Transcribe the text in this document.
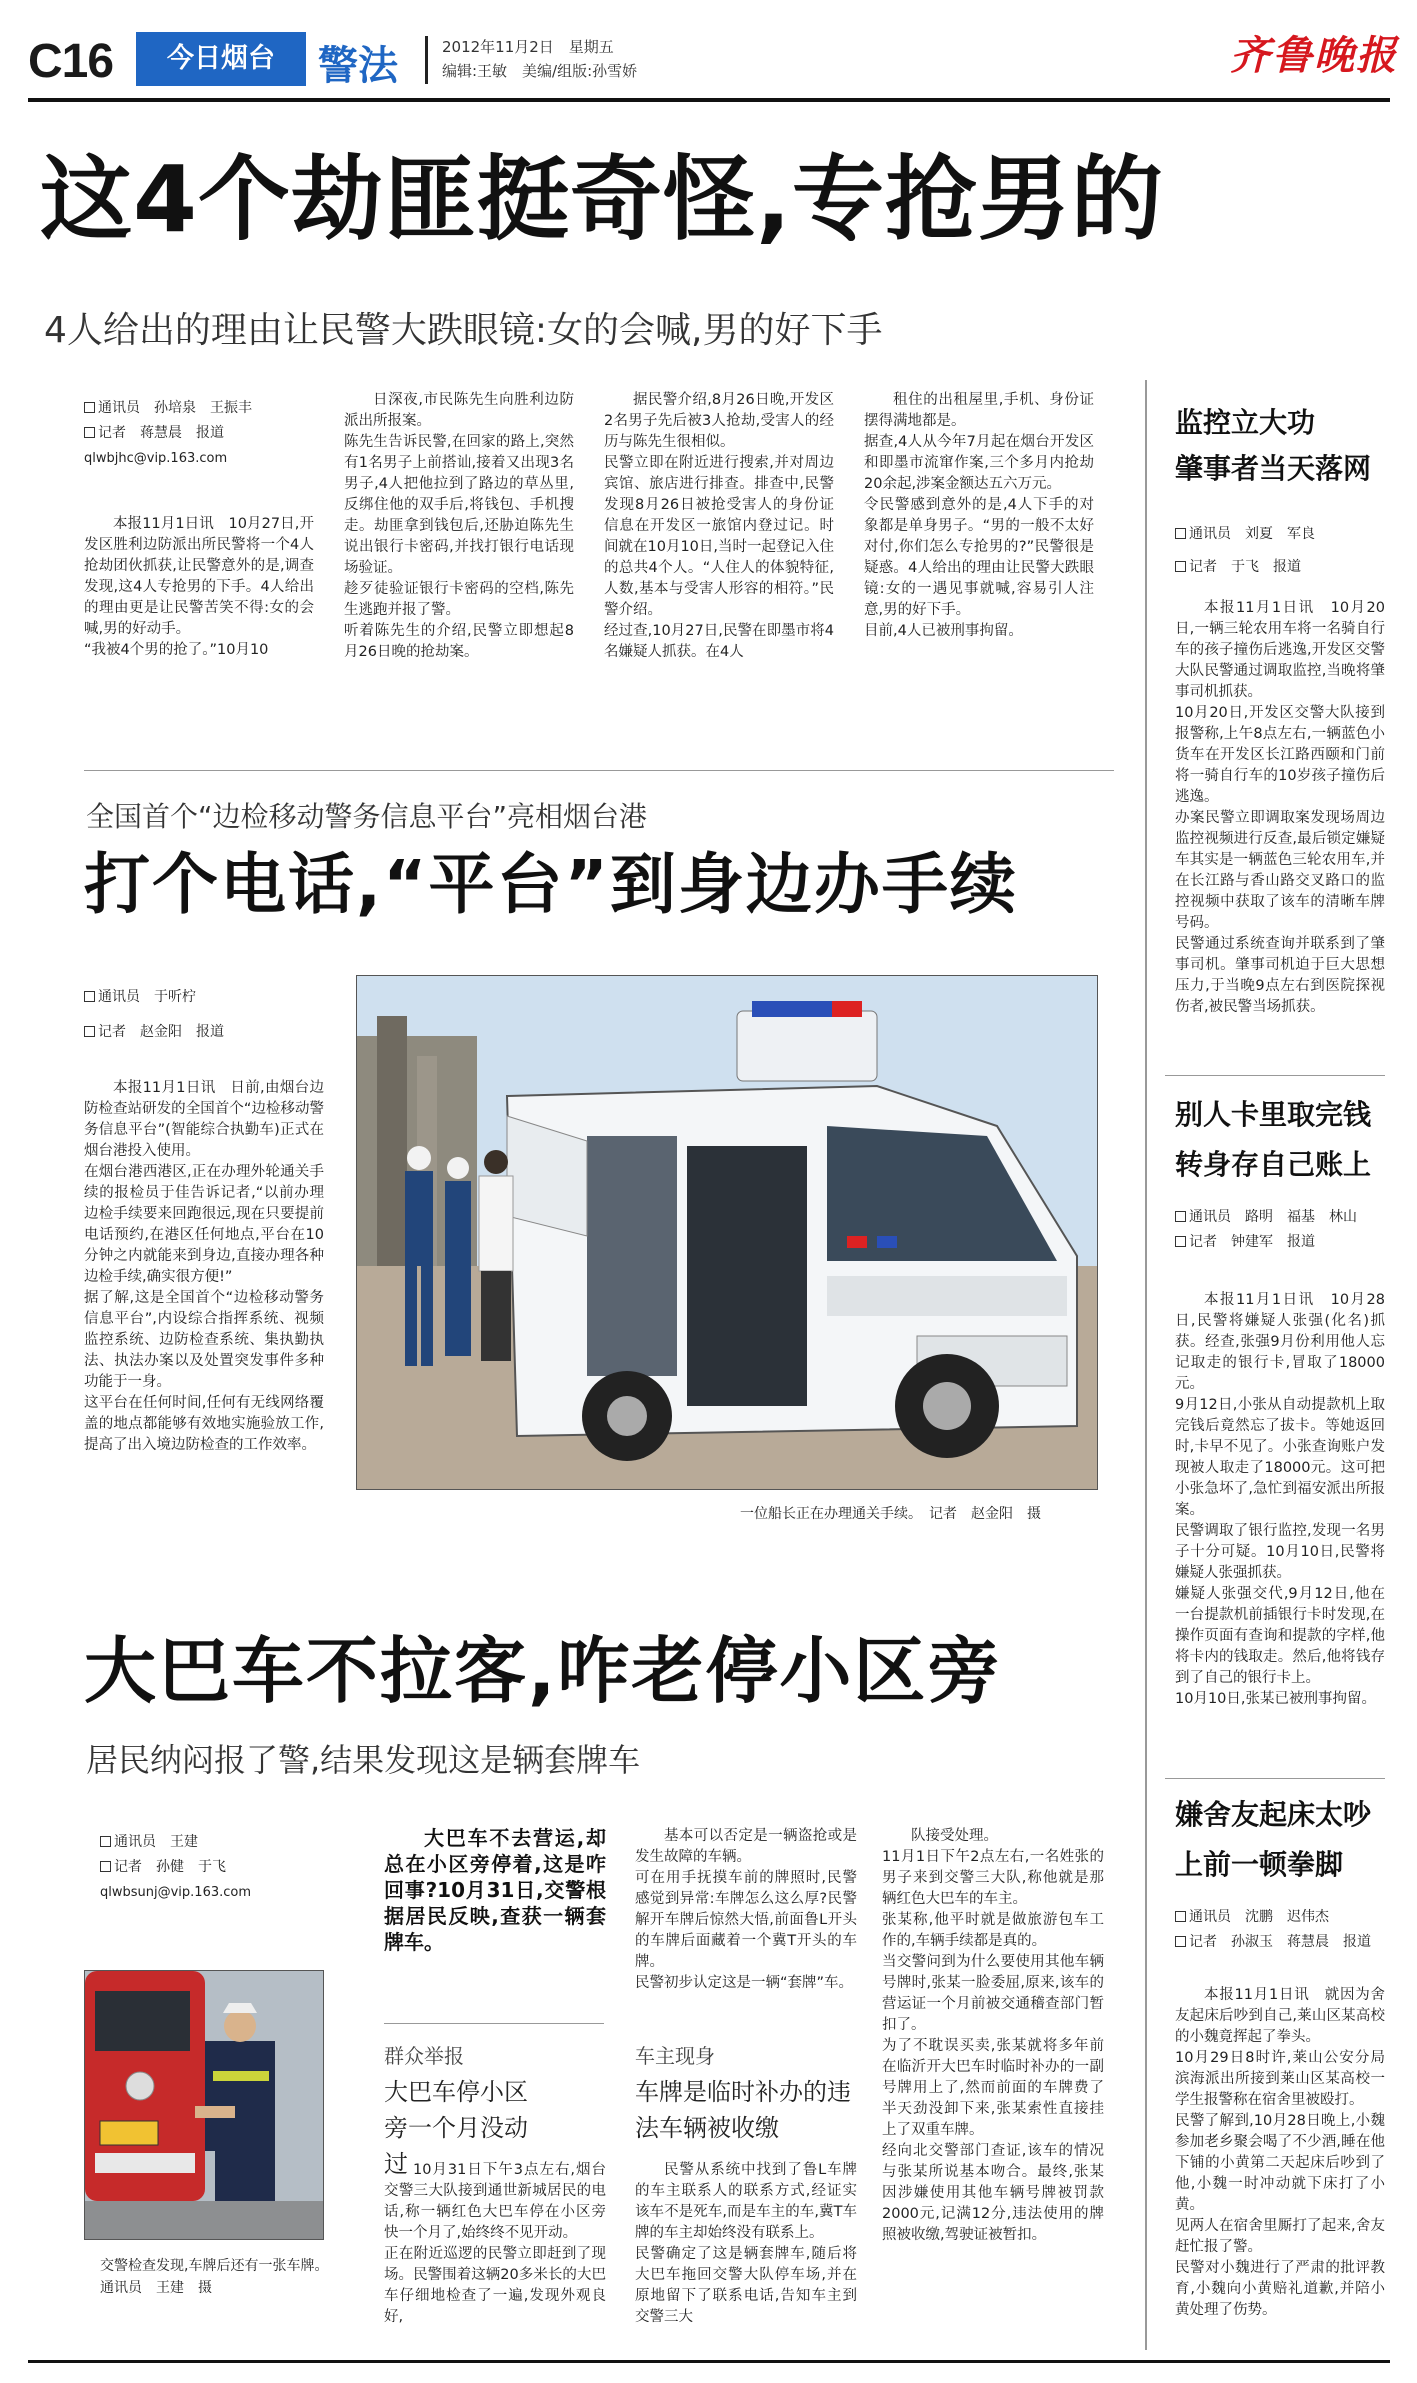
C16	今日烟台	警法	2012年11月2日　星期五
编辑:王敏　美编/组版:孙雪娇	齐鲁晚报
这4个劫匪挺奇怪,专抢男的
4人给出的理由让民警大跌眼镜:女的会喊,男的好下手
通讯员　孙培泉　王振丰
记者　蒋慧晨　报道
qlwbjhc@vip.163.com
本报11月1日讯　10月27日,开发区胜利边防派出所民警将一个4人抢劫团伙抓获,让民警意外的是,调查发现,这4人专抢男的下手。4人给出的理由更是让民警苦笑不得:女的会喊,男的好动手。
“我被4个男的抢了。”10月10
日深夜,市民陈先生向胜利边防派出所报案。
陈先生告诉民警,在回家的路上,突然有1名男子上前搭讪,接着又出现3名男子,4人把他拉到了路边的草丛里,反绑住他的双手后,将钱包、手机搜走。劫匪拿到钱包后,还胁迫陈先生说出银行卡密码,并找打银行电话现场验证。
趁歹徒验证银行卡密码的空档,陈先生逃跑并报了警。
听着陈先生的介绍,民警立即想起8月26日晚的抢劫案。
据民警介绍,8月26日晚,开发区2名男子先后被3人抢劫,受害人的经历与陈先生很相似。
民警立即在附近进行搜索,并对周边宾馆、旅店进行排查。排查中,民警发现8月26日被抢受害人的身份证信息在开发区一旅馆内登过记。时间就在10月10日,当时一起登记入住的总共4个人。“人住人的体貌特征,人数,基本与受害人形容的相符。”民警介绍。
经过查,10月27日,民警在即墨市将4名嫌疑人抓获。在4人
租住的出租屋里,手机、身份证摆得满地都是。
据查,4人从今年7月起在烟台开发区和即墨市流窜作案,三个多月内抢劫20余起,涉案金额达五六万元。
令民警感到意外的是,4人下手的对象都是单身男子。“男的一般不太好对付,你们怎么专抢男的?”民警很是疑惑。4人给出的理由让民警大跌眼镜:女的一遇见事就喊,容易引人注意,男的好下手。
目前,4人已被刑事拘留。
全国首个“边检移动警务信息平台”亮相烟台港
打个电话,“平台”到身边办手续
通讯员　于听柠
记者　赵金阳　报道
本报11月1日讯　日前,由烟台边防检查站研发的全国首个“边检移动警务信息平台”(智能综合执勤车)正式在烟台港投入使用。
在烟台港西港区,正在办理外轮通关手续的报检员于佳告诉记者,“以前办理边检手续要来回跑很远,现在只要提前电话预约,在港区任何地点,平台在10分钟之内就能来到身边,直接办理各种边检手续,确实很方便!”
据了解,这是全国首个“边检移动警务信息平台”,内设综合指挥系统、视频监控系统、边防检查系统、集执勤执法、执法办案以及处置突发事件多种功能于一身。
这平台在任何时间,任何有无线网络覆盖的地点都能够有效地实施验放工作,提高了出入境边防检查的工作效率。
一位船长正在办理通关手续。　记者　赵金阳　摄
大巴车不拉客,咋老停小区旁
居民纳闷报了警,结果发现这是辆套牌车
通讯员　王建
记者　孙健　于飞
qlwbsunj@vip.163.com
交警检查发现,车牌后还有一张车牌。　通讯员　王建　摄
大巴车不去营运,却总在小区旁停着,这是咋回事?10月31日,交警根据居民反映,查获一辆套牌车。
群众举报
大巴车停小区旁一个月没动过 10月31日下午3点左右,烟台交警三大队接到通世新城居民的电话,称一辆红色大巴车停在小区旁快一个月了,始终终不见开动。
正在附近巡逻的民警立即赶到了现场。民警围着这辆20多米长的大巴车仔细地检查了一遍,发现外观良好,
基本可以否定是一辆盗抢或是发生故障的车辆。
可在用手抚摸车前的牌照时,民警感觉到异常:车牌怎么这么厚?民警解开车牌后惊然大悟,前面鲁L开头的车牌后面藏着一个冀T开头的车牌。
民警初步认定这是一辆“套牌”车。
车主现身
车牌是临时补办的违法车辆被收缴
民警从系统中找到了鲁L车牌的车主联系人的联系方式,经证实该车不是死车,而是车主的车,冀T车牌的车主却始终没有联系上。
民警确定了这是辆套牌车,随后将大巴车拖回交警大队停车场,并在原地留下了联系电话,告知车主到交警三大
队接受处理。
11月1日下午2点左右,一名姓张的男子来到交警三大队,称他就是那辆红色大巴车的车主。
张某称,他平时就是做旅游包车工作的,车辆手续都是真的。
当交警问到为什么要使用其他车辆号牌时,张某一脸委屈,原来,该车的营运证一个月前被交通稽查部门暂扣了。
为了不耽误买卖,张某就将多年前在临沂开大巴车时临时补办的一副号牌用上了,然而前面的车牌费了半天劲没卸下来,张某索性直接挂上了双重车牌。
经向北交警部门查证,该车的情况与张某所说基本吻合。最终,张某因涉嫌使用其他车辆号牌被罚款2000元,记满12分,违法使用的牌照被收缴,驾驶证被暂扣。
监控立大功
肇事者当天落网
通讯员　刘夏　军良
记者　于飞　报道
本报11月1日讯　10月20日,一辆三轮农用车将一名骑自行车的孩子撞伤后逃逸,开发区交警大队民警通过调取监控,当晚将肇事司机抓获。
10月20日,开发区交警大队接到报警称,上午8点左右,一辆蓝色小货车在开发区长江路西颐和门前将一骑自行车的10岁孩子撞伤后逃逸。
办案民警立即调取案发现场周边监控视频进行反查,最后锁定嫌疑车其实是一辆蓝色三轮农用车,并在长江路与香山路交叉路口的监控视频中获取了该车的清晰车牌号码。
民警通过系统查询并联系到了肇事司机。肇事司机迫于巨大思想压力,于当晚9点左右到医院探视伤者,被民警当场抓获。
别人卡里取完钱
转身存自己账上
通讯员　路明　福基　林山
记者　钟建军　报道
本报11月1日讯　10月28日,民警将嫌疑人张强(化名)抓获。经查,张强9月份利用他人忘记取走的银行卡,冒取了18000元。
9月12日,小张从自动提款机上取完钱后竟然忘了拔卡。等她返回时,卡早不见了。小张查询账户发现被人取走了18000元。这可把小张急坏了,急忙到福安派出所报案。
民警调取了银行监控,发现一名男子十分可疑。10月10日,民警将嫌疑人张强抓获。
嫌疑人张强交代,9月12日,他在一台提款机前插银行卡时发现,在操作页面有查询和提款的字样,他将卡内的钱取走。然后,他将钱存到了自己的银行卡上。
10月10日,张某已被刑事拘留。
嫌舍友起床太吵
上前一顿拳脚
通讯员　沈鹏　迟伟杰
记者　孙淑玉　蒋慧晨　报道
本报11月1日讯　就因为舍友起床后吵到自己,莱山区某高校的小魏竟挥起了拳头。
10月29日8时许,莱山公安分局滨海派出所接到莱山区某高校一学生报警称在宿舍里被殴打。
民警了解到,10月28日晚上,小魏参加老乡聚会喝了不少酒,睡在他下铺的小黄第二天起床后吵到了他,小魏一时冲动就下床打了小黄。
见两人在宿舍里厮打了起来,舍友赶忙报了警。
民警对小魏进行了严肃的批评教育,小魏向小黄赔礼道歉,并陪小黄处理了伤势。
